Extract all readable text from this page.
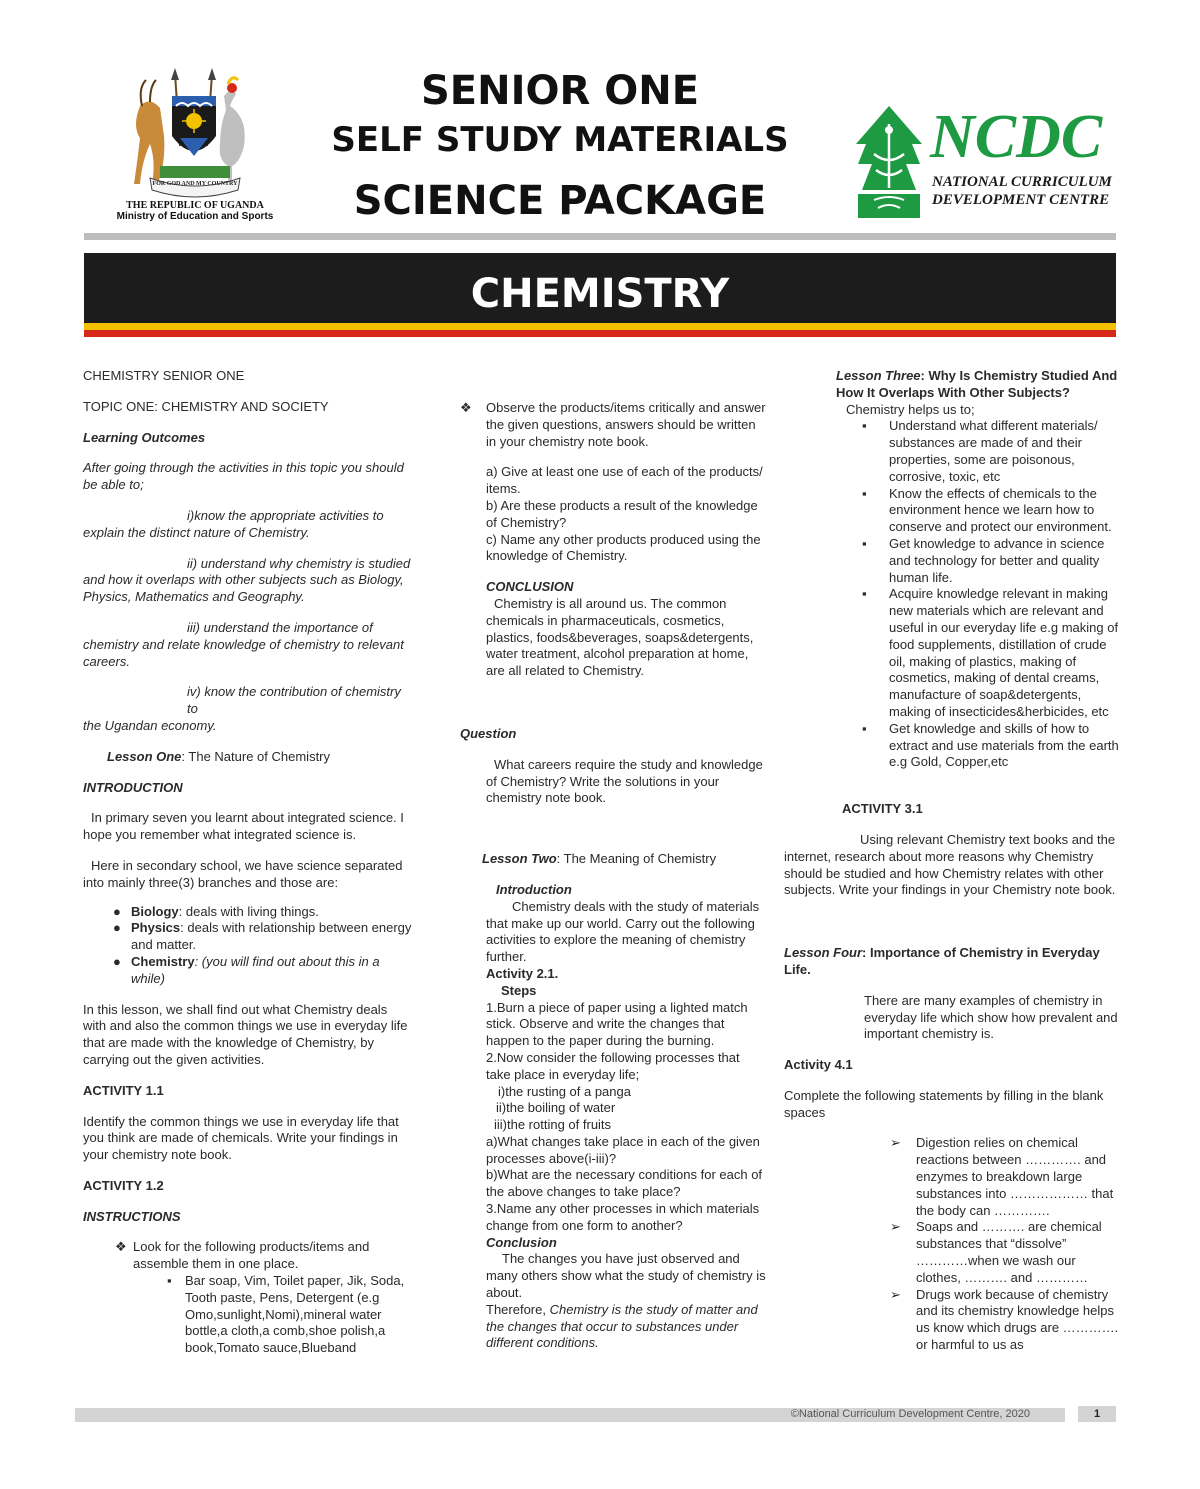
FOR GOD AND MY COUNTRY
THE REPUBLIC OF UGANDA
Ministry of Education and Sports
SENIOR ONE
SELF STUDY MATERIALS
SCIENCE PACKAGE
NCDC
NATIONAL CURRICULUM
DEVELOPMENT CENTRE
CHEMISTRY

CHEMISTRY SENIOR ONE

TOPIC ONE: CHEMISTRY AND SOCIETY

Learning Outcomes

After going through the activities in this topic you should be able to;

i)know the appropriate activities to

explain the distinct nature of Chemistry.

ii) understand why chemistry is studied

and how it overlaps with other subjects such as Biology, Physics, Mathematics and Geography.

iii) understand the importance of

chemistry and relate knowledge of chemistry to relevant careers.

iv) know the contribution of chemistry to

the Ugandan economy.

Lesson One: The Nature of Chemistry

INTRODUCTION

In primary seven you learnt about integrated science. I hope you remember what integrated science is.

Here in secondary school, we have science separated into mainly three(3) branches and those are:

● Biology: deals with living things.
● Physics: deals with relationship between energy and matter.
● Chemistry: (you will find out about this in a while)

In this lesson, we shall find out what Chemistry deals with and also the common things we use in everyday life that are made with the knowledge of Chemistry, by carrying out the given activities.

ACTIVITY 1.1

Identify the common things we use in everyday life that you think are made of chemicals. Write your findings in your chemistry note book.

ACTIVITY 1.2

INSTRUCTIONS

❖ Look for the following products/items and assemble them in one place.
▪ Bar soap, Vim, Toilet paper, Jik, Soda, Tooth paste, Pens, Detergent (e.g Omo,sunlight,Nomi),mineral water bottle,a cloth,a comb,shoe polish,a book,Tomato sauce,Blueband
❖ Observe the products/items critically and answer the given questions, answers should be written in your chemistry note book.

a) Give at least one use of each of the products/ items.

b) Are these products a result of the knowledge of Chemistry?

c) Name any other products produced using the knowledge of Chemistry.

CONCLUSION

Chemistry is all around us. The common chemicals in pharmaceuticals, cosmetics, plastics, foods&beverages, soaps&detergents, water treatment, alcohol preparation at home, are all related to Chemistry.

Question

What careers require the study and knowledge of Chemistry? Write the solutions in your chemistry note book.

Lesson Two: The Meaning of Chemistry

Introduction

Chemistry deals with the study of materials that make up our world. Carry out the following activities to explore the meaning of chemistry further.

Activity 2.1.

Steps

1.Burn a piece of paper using a lighted match stick. Observe and write the changes that happen to the paper during the burning.

2.Now consider the following processes that take place in everyday life;

i)the rusting of a panga

ii)the boiling of water

iii)the rotting of fruits

a)What changes take place in each of the given processes above(i-iii)?

b)What are the necessary conditions for each of the above changes to take place?

3.Name any other processes in which materials change from one form to another?

Conclusion

The changes you have just observed and many others show what the study of chemistry is about.

Therefore, Chemistry is the study of matter and the changes that occur to substances under different conditions.

Lesson Three: Why Is Chemistry Studied And How It Overlaps With Other Subjects?

Chemistry helps us to;

▪ Understand what different materials/ substances are made of and their properties, some are poisonous, corrosive, toxic, etc
▪ Know the effects of chemicals to the environment hence we learn how to conserve and protect our environment.
▪ Get knowledge to advance in science and technology for better and quality human life.
▪ Acquire knowledge relevant in making new materials which are relevant and useful in our everyday life e.g making of food supplements, distillation of crude oil, making of plastics, making of cosmetics, making of dental creams, manufacture of soap&detergents, making of insecticides&herbicides, etc
▪ Get knowledge and skills of how to extract and use materials from the earth e.g Gold, Copper,etc

ACTIVITY 3.1

Using relevant Chemistry text books and the internet, research about more reasons why Chemistry should be studied and how Chemistry relates with other subjects. Write your findings in your Chemistry note book.

Lesson Four: Importance of Chemistry in Everyday Life.

There are many examples of chemistry in everyday life which show how prevalent and important chemistry is.

Activity 4.1

Complete the following statements by filling in the blank spaces

➢ Digestion relies on chemical reactions between …………. and enzymes to breakdown large substances into ……………… that the body can ………….
➢ Soaps and ………. are chemical substances that “dissolve” …………when we wash our clothes, ………. and …………
➢ Drugs work because of chemistry and its chemistry knowledge helps us know which drugs are …………. or harmful to us as
©National Curriculum Development Centre, 2020	1
